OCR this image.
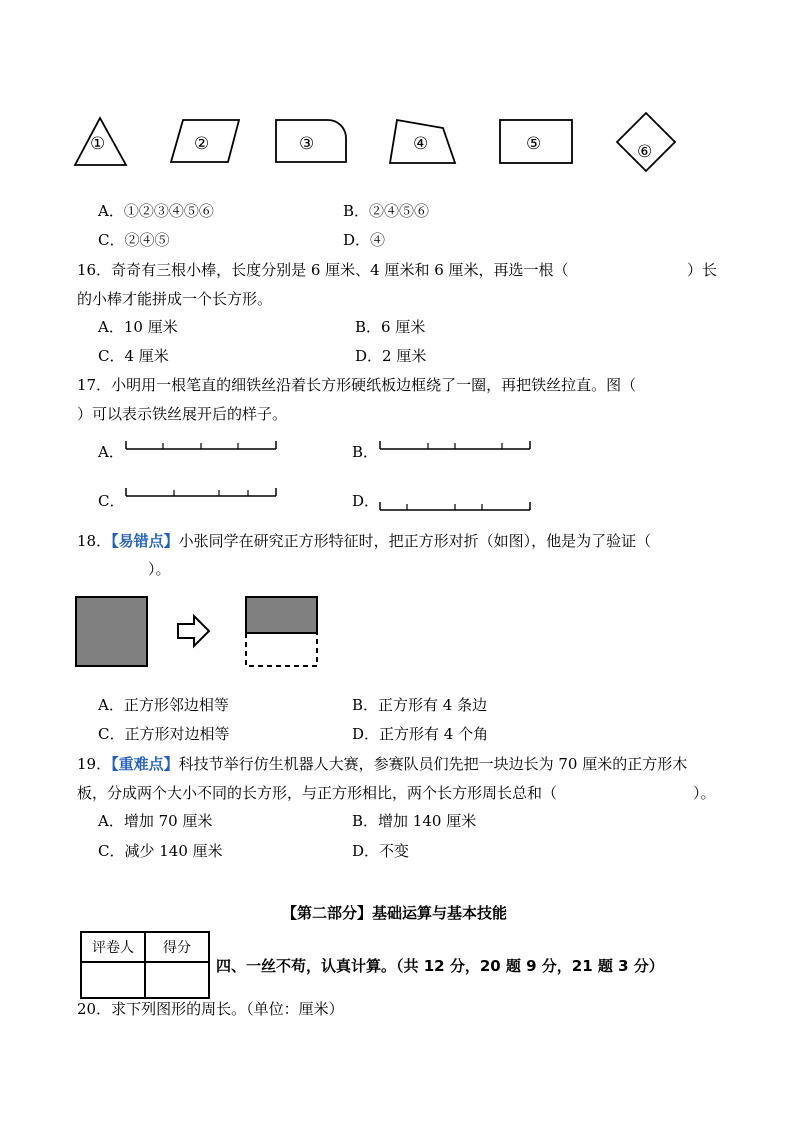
①	②	③	④	⑤	⑥
A．①②③④⑤⑥	B．②④⑤⑥
C．②④⑤	D．④
16．奇奇有三根小棒，长度分别是 6 厘米、4 厘米和 6 厘米，再选一根（	）长
的小棒才能拼成一个长方形。
A．10 厘米	B．6 厘米
C．4 厘米	D．2 厘米
17．小明用一根笔直的细铁丝沿着长方形硬纸板边框绕了一圈，再把铁丝拉直。图（
）可以表示铁丝展开后的样子。
A．	B．
C．	D．
18．【易错点】小张同学在研究正方形特征时，把正方形对折（如图），他是为了验证（
）。
A．正方形邻边相等	B．正方形有 4 条边
C．正方形对边相等	D．正方形有 4 个角
19．【重难点】科技节举行仿生机器人大赛，参赛队员们先把一块边长为 70 厘米的正方形木
板，分成两个大小不同的长方形，与正方形相比，两个长方形周长总和（	）。
A．增加 70 厘米	B．增加 140 厘米
C．减少 140 厘米	D．不变
【第二部分】基础运算与基本技能
评卷人	得分

四、一丝不苟，认真计算。（共 12 分，20 题 9 分，21 题 3 分）
20．求下列图形的周长。（单位：厘米）
